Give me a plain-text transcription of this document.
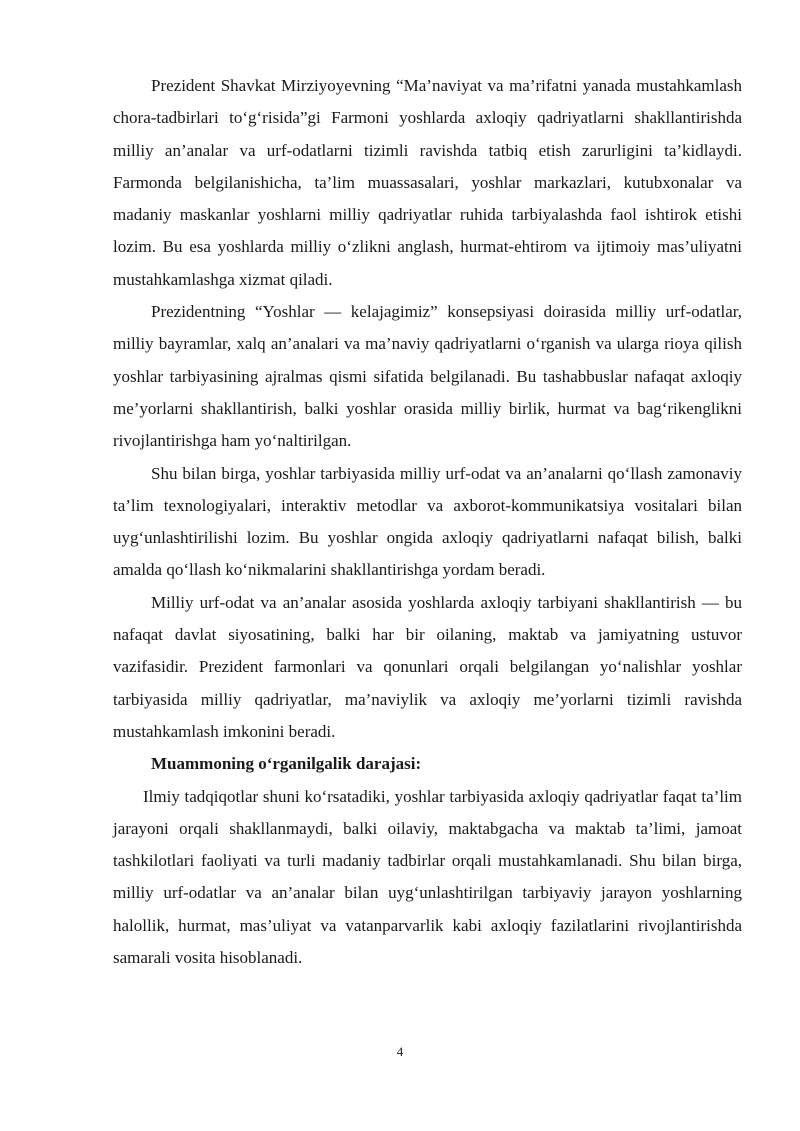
Prezident Shavkat Mirziyoyevning “Ma’naviyat va ma’rifatni yanada mustahkamlash chora-tadbirlari to‘g‘risida”gi Farmoni yoshlarda axloqiy qadriyatlarni shakllantirishda milliy an’analar va urf-odatlarni tizimli ravishda tatbiq etish zarurligini ta’kidlaydi. Farmonda belgilanishicha, ta’lim muassasalari, yoshlar markazlari, kutubxonalar va madaniy maskanlar yoshlarni milliy qadriyatlar ruhida tarbiyalashda faol ishtirok etishi lozim. Bu esa yoshlarda milliy o‘zlikni anglash, hurmat-ehtirom va ijtimoiy mas’uliyatni mustahkamlashga xizmat qiladi.

Prezidentning “Yoshlar — kelajagimiz” konsepsiyasi doirasida milliy urf-odatlar, milliy bayramlar, xalq an’analari va ma’naviy qadriyatlarni o‘rganish va ularga rioya qilish yoshlar tarbiyasining ajralmas qismi sifatida belgilanadi. Bu tashabbuslar nafaqat axloqiy me’yorlarni shakllantirish, balki yoshlar orasida milliy birlik, hurmat va bag‘rikenglikni rivojlantirishga ham yo‘naltirilgan.

Shu bilan birga, yoshlar tarbiyasida milliy urf-odat va an’analarni qo‘llash zamonaviy ta’lim texnologiyalari, interaktiv metodlar va axborot-kommunikatsiya vositalari bilan uyg‘unlashtirilishi lozim. Bu yoshlar ongida axloqiy qadriyatlarni nafaqat bilish, balki amalda qo‘llash ko‘nikmalarini shakllantirishga yordam beradi.

Milliy urf-odat va an’analar asosida yoshlarda axloqiy tarbiyani shakllantirish — bu nafaqat davlat siyosatining, balki har bir oilaning, maktab va jamiyatning ustuvor vazifasidir. Prezident farmonlari va qonunlari orqali belgilangan yo‘nalishlar yoshlar tarbiyasida milliy qadriyatlar, ma’naviylik va axloqiy me’yorlarni tizimli ravishda mustahkamlash imkonini beradi.

Muammoning o‘rganilgalik darajasi:

Ilmiy tadqiqotlar shuni ko‘rsatadiki, yoshlar tarbiyasida axloqiy qadriyatlar faqat ta’lim jarayoni orqali shakllanmaydi, balki oilaviy, maktabgacha va maktab ta’limi, jamoat tashkilotlari faoliyati va turli madaniy tadbirlar orqali mustahkamlanadi. Shu bilan birga, milliy urf-odatlar va an’analar bilan uyg‘unlashtirilgan tarbiyaviy jarayon yoshlarning halollik, hurmat, mas’uliyat va vatanparvarlik kabi axloqiy fazilatlarini rivojlantirishda samarali vosita hisoblanadi.

4
